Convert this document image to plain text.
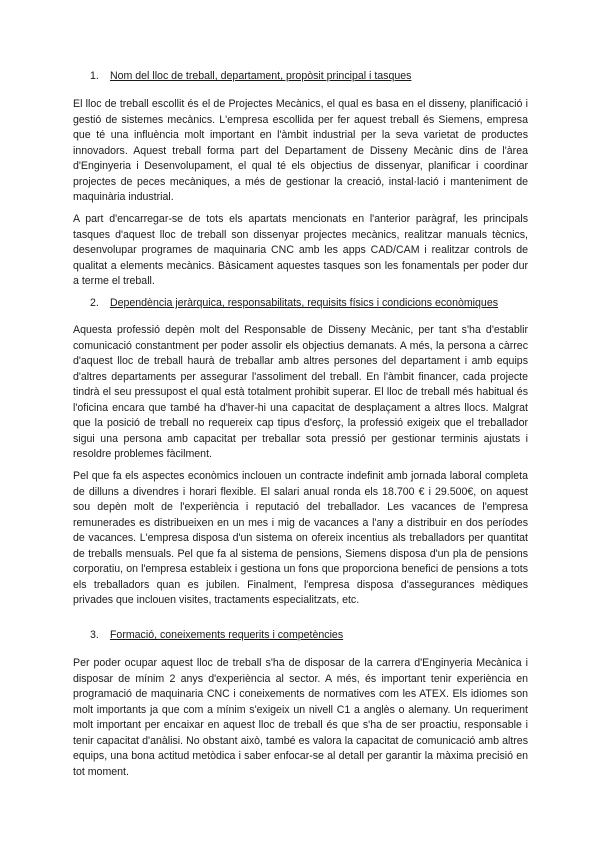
1. Nom del lloc de treball, departament, propòsit principal i tasques

El lloc de treball escollit és el de Projectes Mecànics, el qual es basa en el disseny, planificació i gestió de sistemes mecànics. L'empresa escollida per fer aquest treball és Siemens, empresa que té una influència molt important en l'àmbit industrial per la seva varietat de productes innovadors. Aquest treball forma part del Departament de Disseny Mecànic dins de l'àrea d'Enginyeria i Desenvolupament, el qual té els objectius de dissenyar, planificar i coordinar projectes de peces mecàniques, a més de gestionar la creació, instal·lació i manteniment de maquinària industrial.

A part d'encarregar-se de tots els apartats mencionats en l'anterior paràgraf, les principals tasques d'aquest lloc de treball son dissenyar projectes mecànics, realitzar manuals tècnics, desenvolupar programes de maquinaria CNC amb les apps CAD/CAM i realitzar controls de qualitat a elements mecànics. Bàsicament aquestes tasques son les fonamentals per poder dur a terme el treball.

2. Dependència jeràrquica, responsabilitats, requisits físics i condicions econòmiques

Aquesta professió depèn molt del Responsable de Disseny Mecànic, per tant s'ha d'establir comunicació constantment per poder assolir els objectius demanats. A més, la persona a càrrec d'aquest lloc de treball haurà de treballar amb altres persones del departament i amb equips d'altres departaments per assegurar l'assoliment del treball. En l'àmbit financer, cada projecte tindrà el seu pressupost el qual està totalment prohibit superar. El lloc de treball més habitual és l'oficina encara que també ha d'haver-hi una capacitat de desplaçament a altres llocs. Malgrat que la posició de treball no requereix cap tipus d'esforç, la professió exigeix que el treballador sigui una persona amb capacitat per treballar sota pressió per gestionar terminis ajustats i resoldre problemes fàcilment.

Pel que fa els aspectes econòmics inclouen un contracte indefinit amb jornada laboral completa de dilluns a divendres i horari flexible. El salari anual ronda els 18.700 € i 29.500€, on aquest sou depèn molt de l'experiència i reputació del treballador. Les vacances de l'empresa remunerades es distribueixen en un mes i mig de vacances a l'any a distribuir en dos períodes de vacances. L'empresa disposa d'un sistema on ofereix incentius als treballadors per quantitat de treballs mensuals. Pel que fa al sistema de pensions, Siemens disposa d'un pla de pensions corporatiu, on l'empresa estableix i gestiona un fons que proporciona benefici de pensions a tots els treballadors quan es jubilen. Finalment, l'empresa disposa d'assegurances mèdiques privades que inclouen visites, tractaments especialitzats, etc.

3. Formació, coneixements requerits i competències

Per poder ocupar aquest lloc de treball s'ha de disposar de la carrera d'Enginyeria Mecànica i disposar de mínim 2 anys d'experiència al sector. A més, és important tenir experiència en programació de maquinaria CNC i coneixements de normatives com les ATEX. Els idiomes son molt importants ja que com a mínim s'exigeix un nivell C1 a anglès o alemany. Un requeriment molt important per encaixar en aquest lloc de treball és que s'ha de ser proactiu, responsable i tenir capacitat d'anàlisi. No obstant això, també es valora la capacitat de comunicació amb altres equips, una bona actitud metòdica i saber enfocar-se al detall per garantir la màxima precisió en tot moment.
